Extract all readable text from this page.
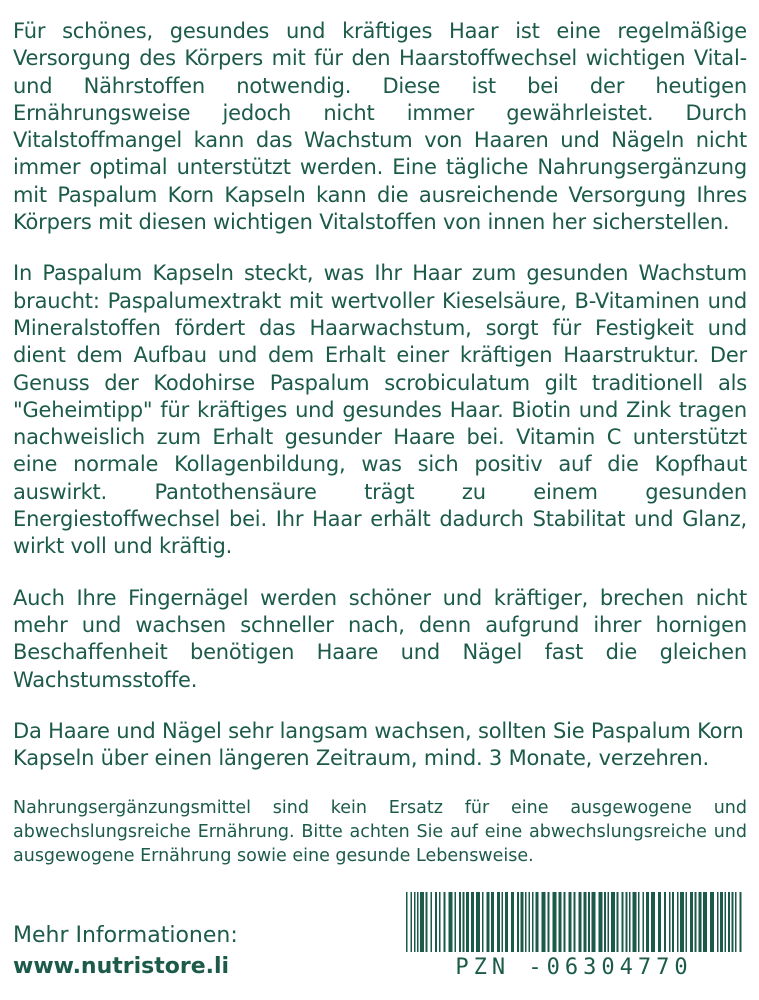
Für schönes, gesundes und kräftiges Haar ist eine regelmäßige Versorgung des Körpers mit für den Haarstoffwechsel wichtigen Vital- und Nährstoffen notwendig. Diese ist bei der heutigen Ernährungsweise jedoch nicht immer gewährleistet. Durch Vitalstoffmangel kann das Wachstum von Haaren und Nägeln nicht immer optimal unterstützt werden. Eine tägliche Nahrungsergänzung mit Paspalum Korn Kapseln kann die ausreichende Versorgung Ihres Körpers mit diesen wichtigen Vitalstoffen von innen her sicherstellen.

In Paspalum Kapseln steckt, was Ihr Haar zum gesunden Wachstum braucht: Paspalumextrakt mit wertvoller Kieselsäure, B-Vitaminen und Mineralstoffen fördert das Haarwachstum, sorgt für Festigkeit und dient dem Aufbau und dem Erhalt einer kräftigen Haarstruktur. Der Genuss der Kodohirse Paspalum scrobiculatum gilt traditionell als "Geheimtipp" für kräftiges und gesundes Haar. Biotin und Zink tragen nachweislich zum Erhalt gesunder Haare bei. Vitamin C unterstützt eine normale Kollagenbildung, was sich positiv auf die Kopfhaut auswirkt. Pantothensäure trägt zu einem gesunden Energiestoffwechsel bei. Ihr Haar erhält dadurch Stabilitat und Glanz, wirkt voll und kräftig.

Auch Ihre Fingernägel werden schöner und kräftiger, brechen nicht mehr und wachsen schneller nach, denn aufgrund ihrer hornigen Beschaffenheit benötigen Haare und Nägel fast die gleichen Wachstumsstoffe.

Da Haare und Nägel sehr langsam wachsen, sollten Sie Paspalum Korn Kapseln über einen längeren Zeitraum, mind. 3 Monate, verzehren.

Nahrungsergänzungsmittel sind kein Ersatz für eine ausgewogene und abwechslungsreiche Ernährung. Bitte achten Sie auf eine abwechslungsreiche und ausgewogene Ernährung sowie eine gesunde Lebensweise.

Mehr Informationen:
www.nutristore.li	PZN -06304770
